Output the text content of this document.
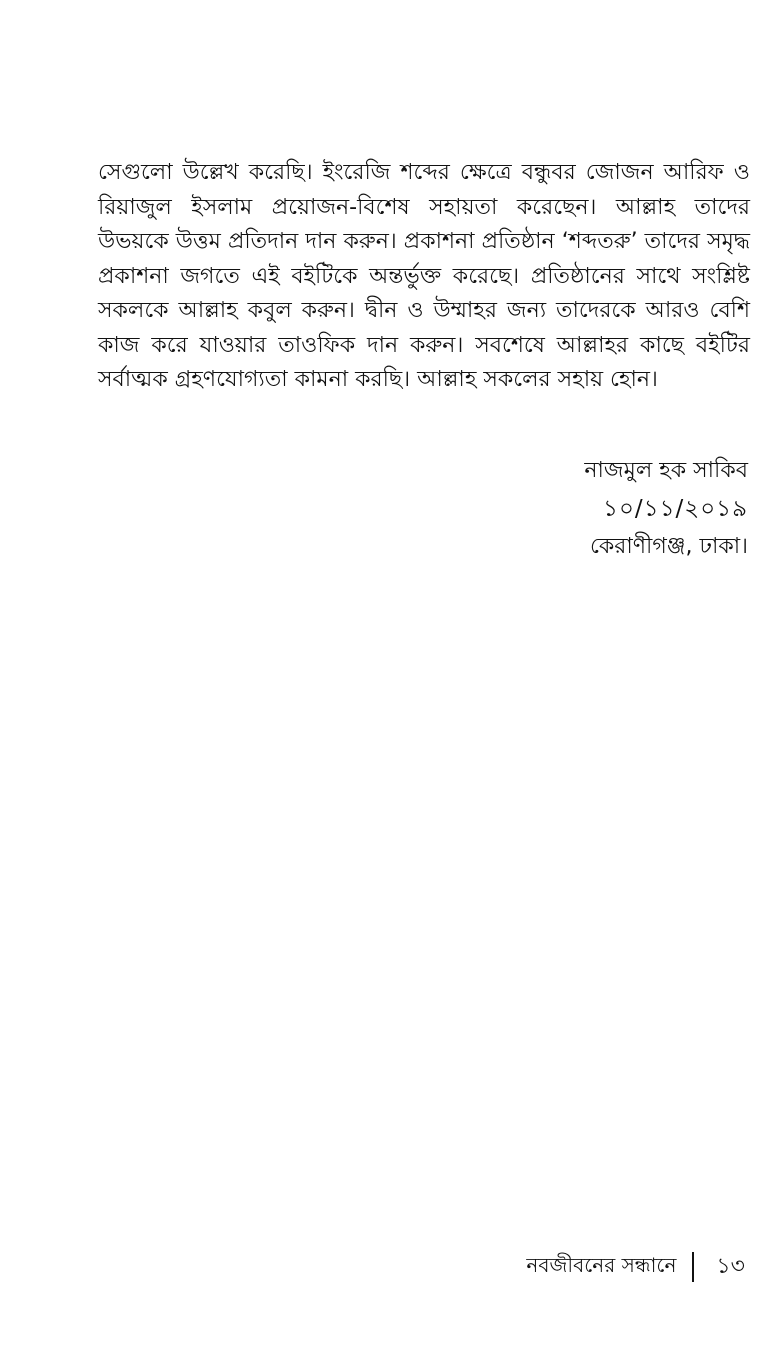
সেগুলো উল্লেখ করেছি। ইংরেজি শব্দের ক্ষেত্রে বন্ধুবর জোজন আরিফ ও রিয়াজুল ইসলাম প্রয়োজন-বিশেষ সহায়তা করেছেন। আল্লাহ তাদের উভয়কে উত্তম প্রতিদান দান করুন। প্রকাশনা প্রতিষ্ঠান ‘শব্দতরু’ তাদের সমৃদ্ধ প্রকাশনা জগতে এই বইটিকে অন্তর্ভুক্ত করেছে। প্রতিষ্ঠানের সাথে সংশ্লিষ্ট সকলকে আল্লাহ কবুল করুন। দ্বীন ও উম্মাহর জন্য তাদেরকে আরও বেশি কাজ করে যাওয়ার তাওফিক দান করুন। সবশেষে আল্লাহর কাছে বইটির সর্বাত্মক গ্রহণযোগ্যতা কামনা করছি। আল্লাহ সকলের সহায় হোন।

নাজমুল হক সাকিব
১০/১১/২০১৯
কেরাণীগঞ্জ, ঢাকা।
নবজীবনের সন্ধানে ১৩
